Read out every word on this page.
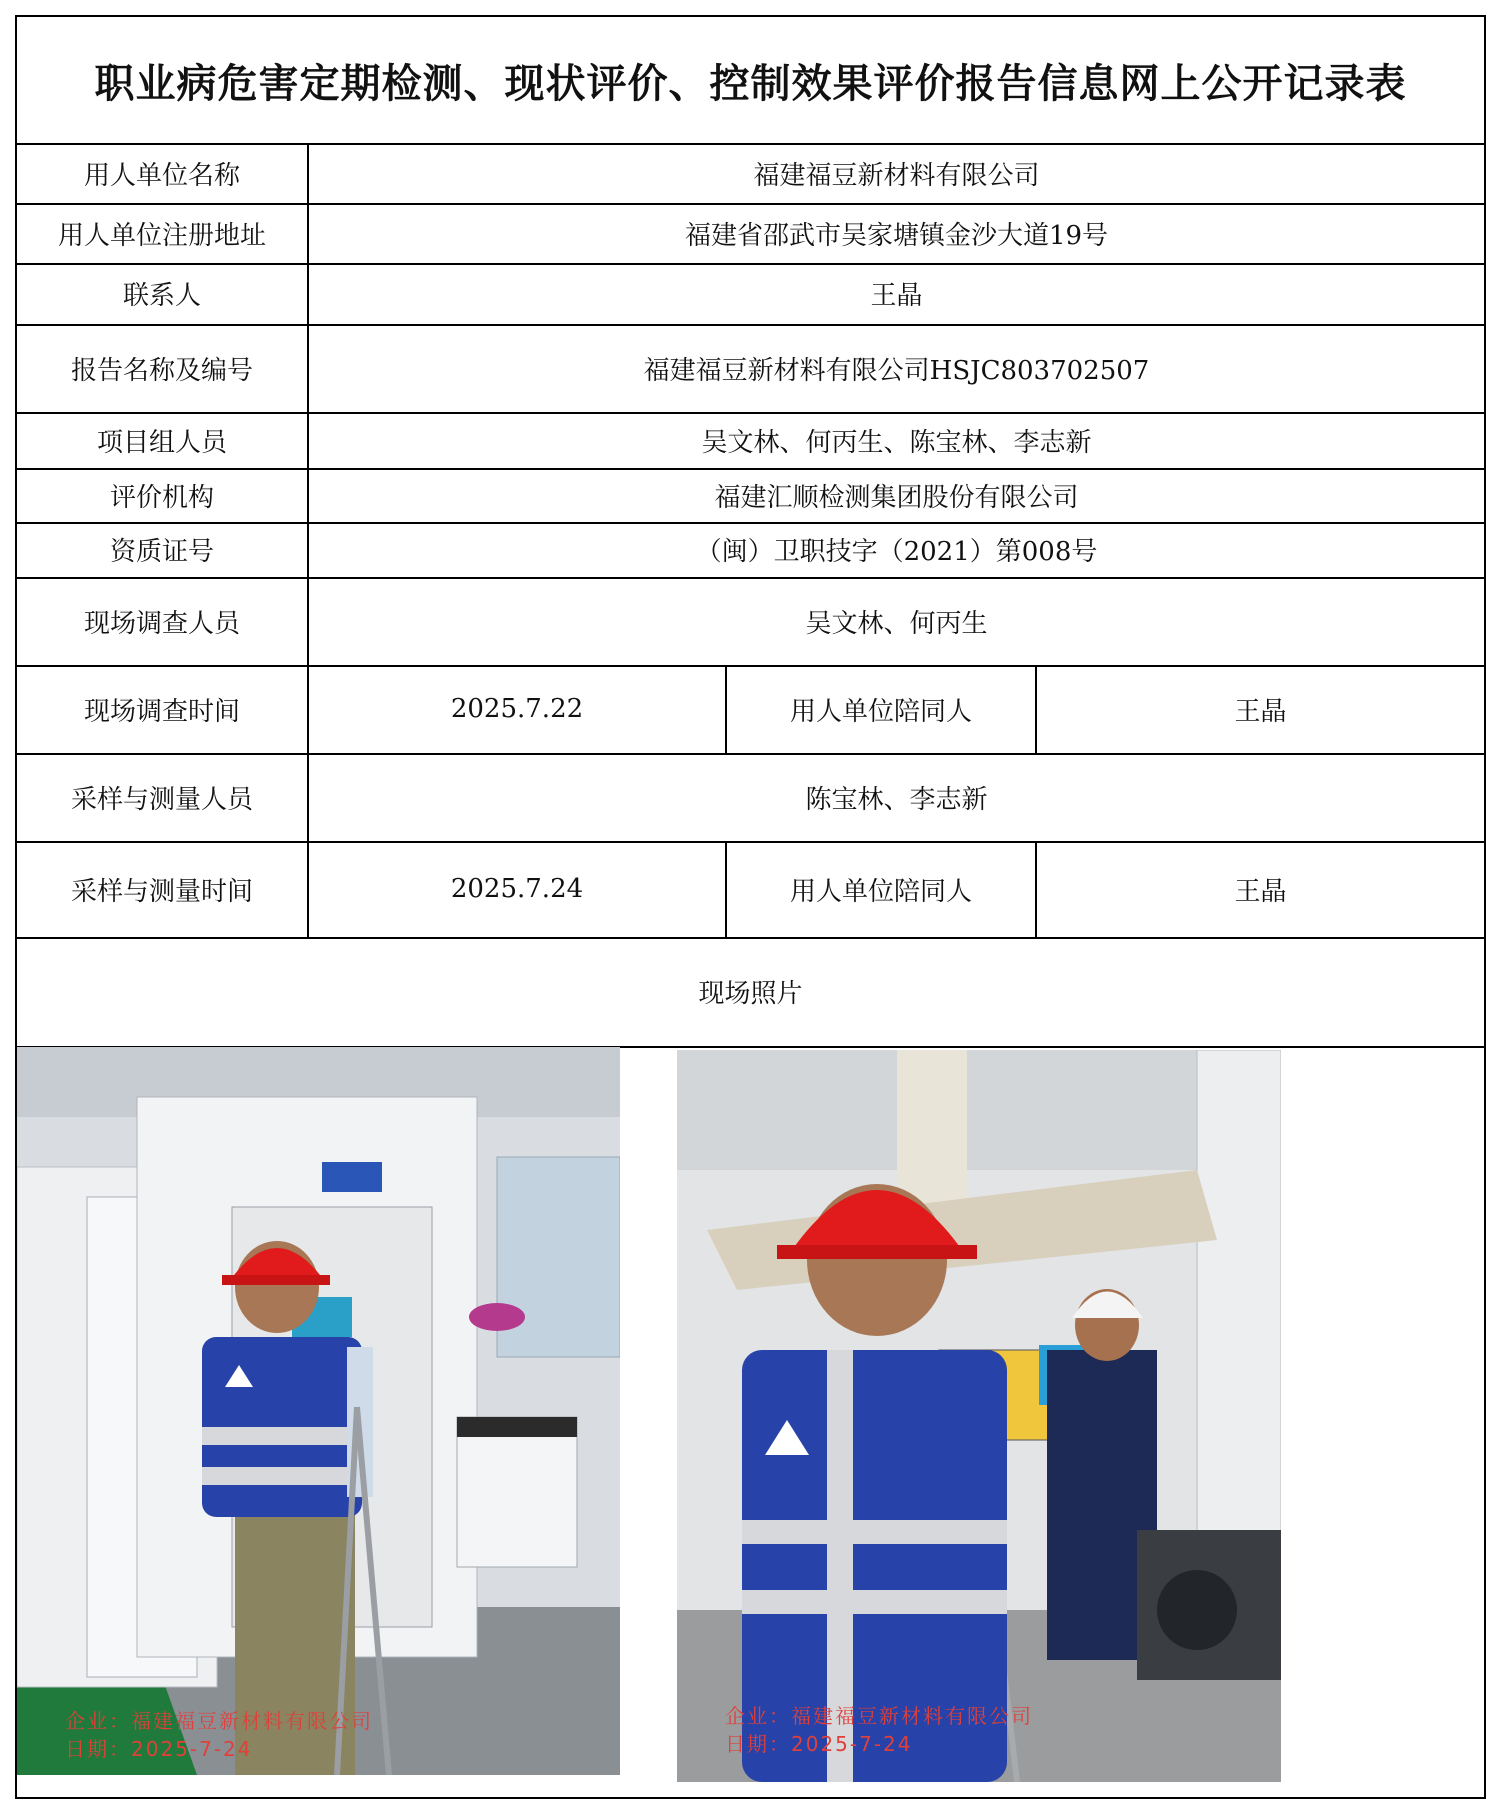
职业病危害定期检测、现状评价、控制效果评价报告信息网上公开记录表
用人单位名称	福建福豆新材料有限公司
用人单位注册地址	福建省邵武市吴家塘镇金沙大道19号
联系人	王晶
报告名称及编号	福建福豆新材料有限公司HSJC803702507
项目组人员	吴文林、何丙生、陈宝林、李志新
评价机构	福建汇顺检测集团股份有限公司
资质证号	（闽）卫职技字（2021）第008号
现场调查人员	吴文林、何丙生
现场调查时间	2025.7.22	用人单位陪同人	王晶
采样与测量人员	陈宝林、李志新
采样与测量时间	2025.7.24	用人单位陪同人	王晶
现场照片
企业：福建福豆新材料有限公司
日期：2025-7-24
企业：福建福豆新材料有限公司
日期：2025-7-24
